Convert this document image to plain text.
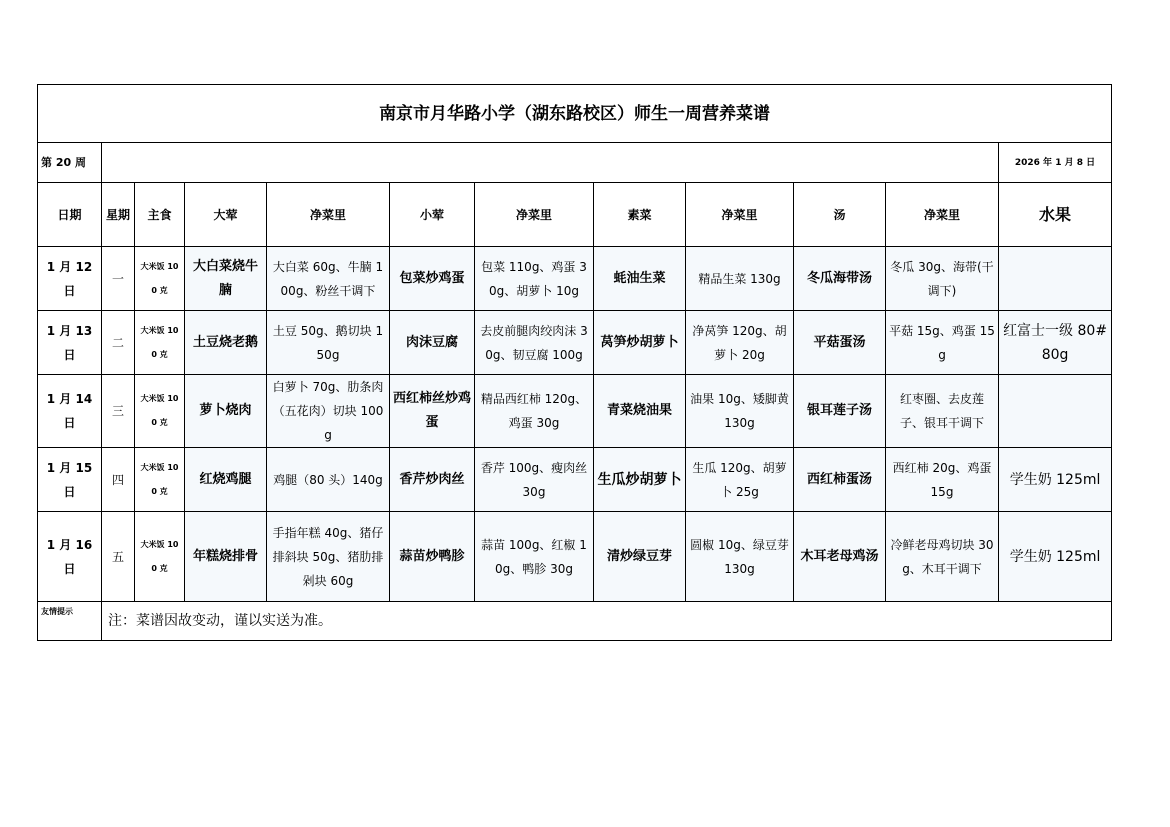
南京市月华路小学（湖东路校区）师生一周营养菜谱											
第 20 周											2026 年 1 月 8 日
日期	星期	主食	大荤	净菜里	小荤	净菜里	素菜	净菜里	汤	净菜里	水果
1 月 12 日	一	大米饭 100 克	大白菜烧牛腩	大白菜 60g、牛腩 100g、粉丝干调下	包菜炒鸡蛋	包菜 110g、鸡蛋 30g、胡萝卜 10g	蚝油生菜	精品生菜 130g	冬瓜海带汤	冬瓜 30g、海带(干调下)	
1 月 13 日	二	大米饭 100 克	土豆烧老鹅	土豆 50g、鹅切块 150g	肉沫豆腐	去皮前腿肉绞肉沫 30g、韧豆腐 100g	莴笋炒胡萝卜	净莴笋 120g、胡萝卜 20g	平菇蛋汤	平菇 15g、鸡蛋 15g	红富士一级 80#80g
1 月 14 日	三	大米饭 100 克	萝卜烧肉	白萝卜 70g、肋条肉（五花肉）切块 100g	西红柿丝炒鸡蛋	精品西红柿 120g、鸡蛋 30g	青菜烧油果	油果 10g、矮脚黄 130g	银耳莲子汤	红枣圈、去皮莲子、银耳干调下	
1 月 15 日	四	大米饭 100 克	红烧鸡腿	鸡腿（80 头）140g	香芹炒肉丝	香芹 100g、瘦肉丝 30g	生瓜炒胡萝卜	生瓜 120g、胡萝卜 25g	西红柿蛋汤	西红柿 20g、鸡蛋 15g	学生奶 125ml
1 月 16 日	五	大米饭 100 克	年糕烧排骨	手指年糕 40g、猪仔排斜块 50g、猪肋排剁块 60g	蒜苗炒鸭胗	蒜苗 100g、红椒 10g、鸭胗 30g	清炒绿豆芽	圆椒 10g、绿豆芽 130g	木耳老母鸡汤	冷鲜老母鸡切块 30g、木耳干调下	学生奶 125ml
友情提示	注：菜谱因故变动，谨以实送为准。										
